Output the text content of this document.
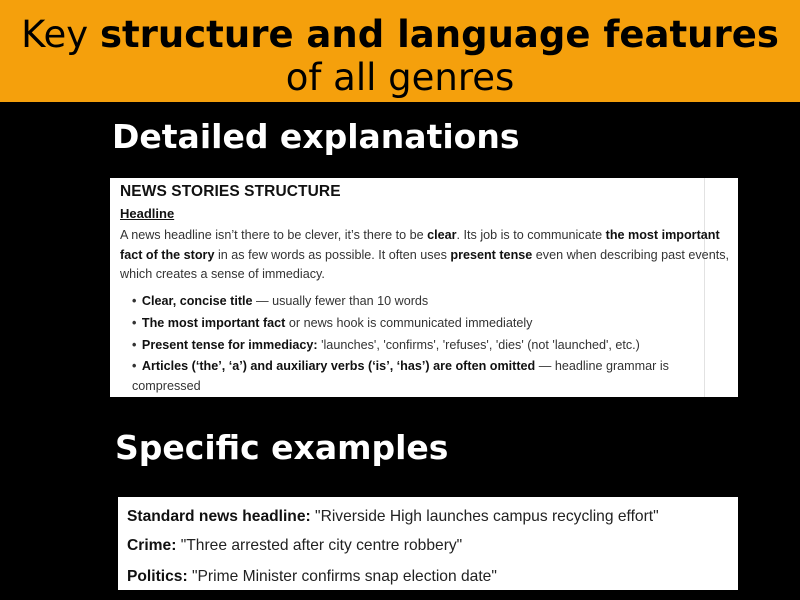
Key structure and language features
of all genres
Detailed explanations
NEWS STORIES STRUCTURE
Headline
A news headline isn’t there to be clever, it’s there to be clear. Its job is to communicate the most important fact of the story in as few words as possible. It often uses present tense even when describing past events, which creates a sense of immediacy.
• Clear, concise title — usually fewer than 10 words
• The most important fact or news hook is communicated immediately
• Present tense for immediacy: 'launches', 'confirms', 'refuses', 'dies' (not 'launched', etc.)
• Articles (‘the’, ‘a’) and auxiliary verbs (‘is’, ‘has’) are often omitted — headline grammar is compressed
Specific examples
Standard news headline: "Riverside High launches campus recycling effort"
Crime: "Three arrested after city centre robbery"
Politics: "Prime Minister confirms snap election date"
